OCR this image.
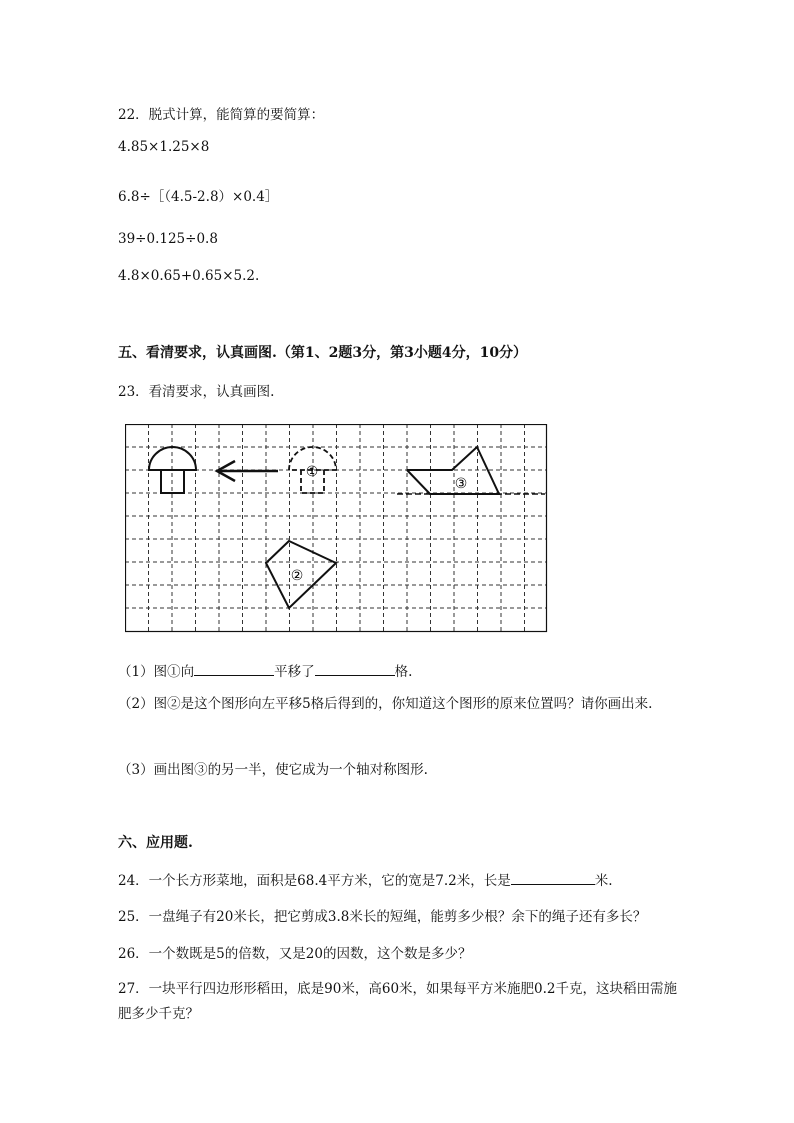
22．脱式计算，能简算的要简算：
4.85×1.25×8
6.8÷［（4.5-2.8）×0.4］
39÷0.125÷0.8
4.8×0.65+0.65×5.2.
五、看清要求，认真画图.（第1、2题3分，第3小题4分，10分）
23．看清要求，认真画图.
①
③
②
（1）图①向	平移了	格.
（2）图②是这个图形向左平移5格后得到的，你知道这个图形的原来位置吗？请你画出来.
（3）画出图③的另一半，使它成为一个轴对称图形.
六、应用题.
24．一个长方形菜地，面积是68.4平方米，它的宽是7.2米，长是	米.
25．一盘绳子有20米长，把它剪成3.8米长的短绳，能剪多少根？余下的绳子还有多长？
26．一个数既是5的倍数，又是20的因数，这个数是多少？
27．一块平行四边形形稻田，底是90米，高60米，如果每平方米施肥0.2千克，这块稻田需施肥多少千克？
